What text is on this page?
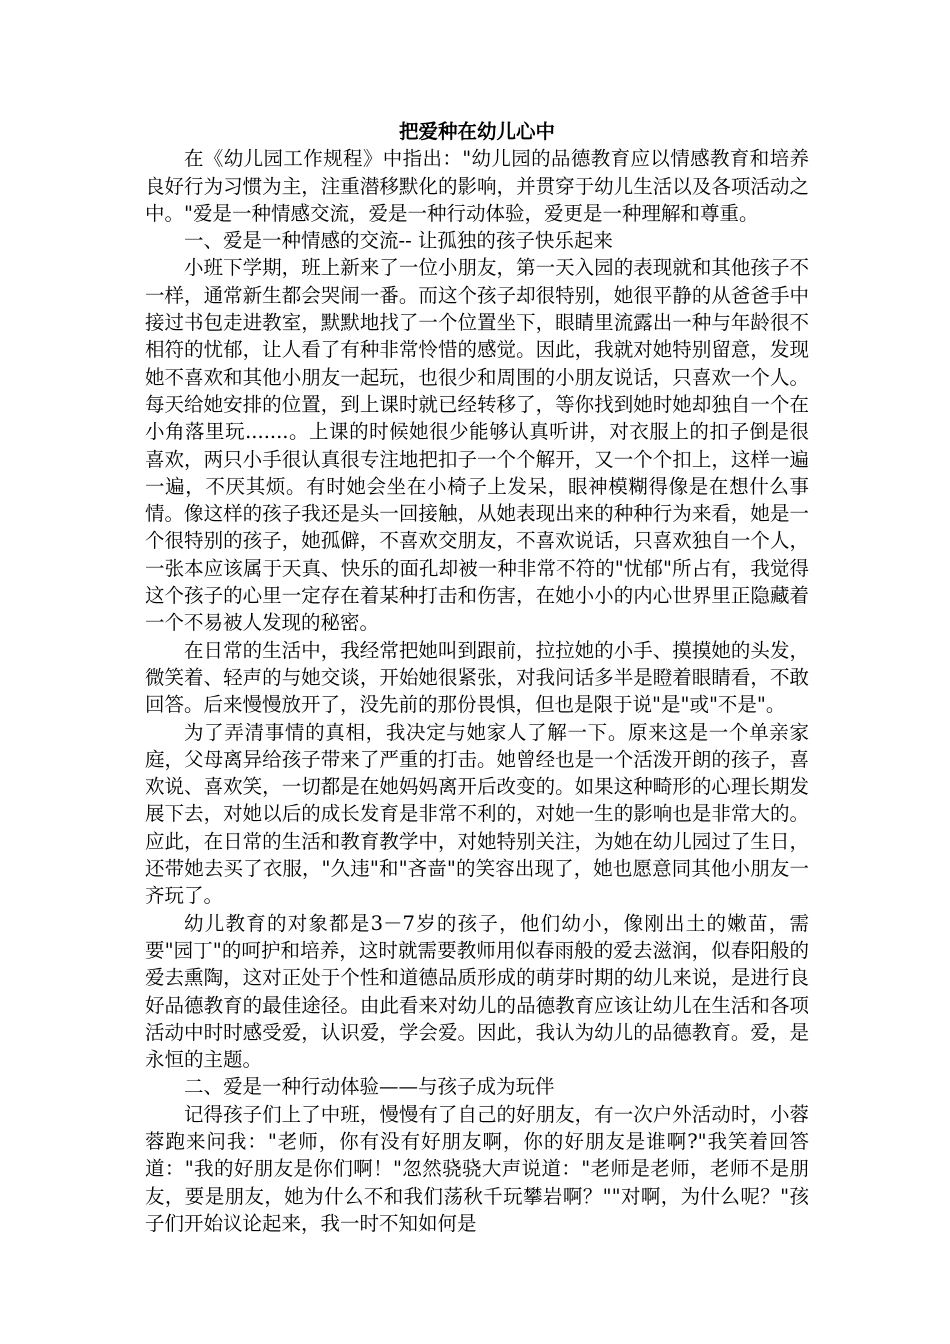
把爱种在幼儿心中

在《幼儿园工作规程》中指出："幼儿园的品德教育应以情感教育和培养良好行为习惯为主，注重潜移默化的影响，并贯穿于幼儿生活以及各项活动之中。"爱是一种情感交流，爱是一种行动体验，爱更是一种理解和尊重。

一、爱是一种情感的交流-- 让孤独的孩子快乐起来

小班下学期，班上新来了一位小朋友，第一天入园的表现就和其他孩子不一样，通常新生都会哭闹一番。而这个孩子却很特别，她很平静的从爸爸手中接过书包走进教室，默默地找了一个位置坐下，眼睛里流露出一种与年龄很不相符的忧郁，让人看了有种非常怜惜的感觉。因此，我就对她特别留意，发现她不喜欢和其他小朋友一起玩，也很少和周围的小朋友说话，只喜欢一个人。每天给她安排的位置，到上课时就已经转移了，等你找到她时她却独自一个在小角落里玩.......。上课的时候她很少能够认真听讲，对衣服上的扣子倒是很喜欢，两只小手很认真很专注地把扣子一个个解开，又一个个扣上，这样一遍一遍，不厌其烦。有时她会坐在小椅子上发呆，眼神模糊得像是在想什么事情。像这样的孩子我还是头一回接触，从她表现出来的种种行为来看，她是一个很特别的孩子，她孤僻，不喜欢交朋友，不喜欢说话，只喜欢独自一个人，一张本应该属于天真、快乐的面孔却被一种非常不符的"忧郁"所占有，我觉得这个孩子的心里一定存在着某种打击和伤害，在她小小的内心世界里正隐藏着一个不易被人发现的秘密。

在日常的生活中，我经常把她叫到跟前，拉拉她的小手、摸摸她的头发，微笑着、轻声的与她交谈，开始她很紧张，对我问话多半是瞪着眼睛看，不敢回答。后来慢慢放开了，没先前的那份畏惧，但也是限于说"是"或"不是"。

为了弄清事情的真相，我决定与她家人了解一下。原来这是一个单亲家庭，父母离异给孩子带来了严重的打击。她曾经也是一个活泼开朗的孩子，喜欢说、喜欢笑，一切都是在她妈妈离开后改变的。如果这种畸形的心理长期发展下去，对她以后的成长发育是非常不利的，对她一生的影响也是非常大的。应此，在日常的生活和教育教学中，对她特别关注，为她在幼儿园过了生日，还带她去买了衣服，"久违"和"吝啬"的笑容出现了，她也愿意同其他小朋友一齐玩了。

幼儿教育的对象都是3－7岁的孩子，他们幼小，像刚出土的嫩苗，需要"园丁"的呵护和培养，这时就需要教师用似春雨般的爱去滋润，似春阳般的爱去熏陶，这对正处于个性和道德品质形成的萌芽时期的幼儿来说，是进行良好品德教育的最佳途径。由此看来对幼儿的品德教育应该让幼儿在生活和各项活动中时时感受爱，认识爱，学会爱。因此，我认为幼儿的品德教育。爱，是永恒的主题。

二、爱是一种行动体验——与孩子成为玩伴

记得孩子们上了中班，慢慢有了自己的好朋友，有一次户外活动时，小蓉蓉跑来问我："老师，你有没有好朋友啊，你的好朋友是谁啊?"我笑着回答道："我的好朋友是你们啊！"忽然骁骁大声说道："老师是老师，老师不是朋友，要是朋友，她为什么不和我们荡秋千玩攀岩啊？""对啊，为什么呢？"孩子们开始议论起来，我一时不知如何是
